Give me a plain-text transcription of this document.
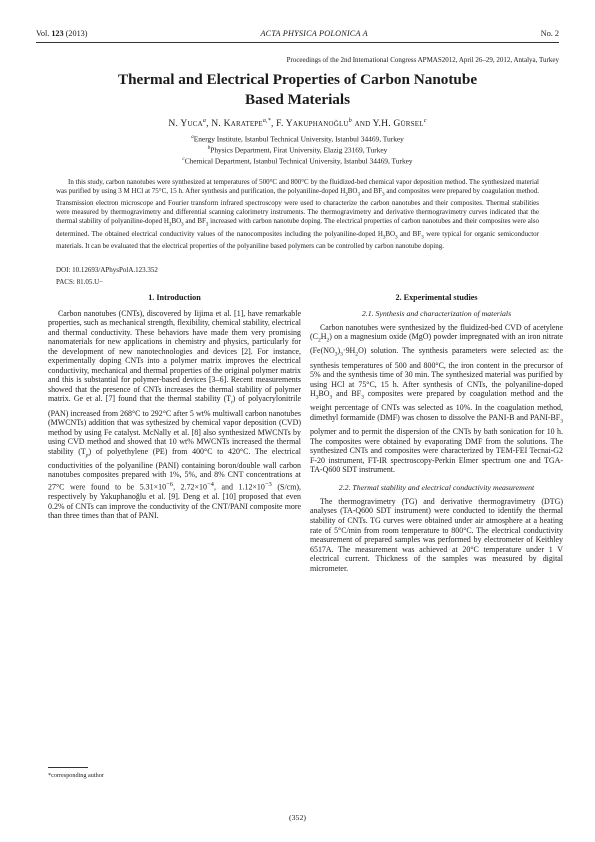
Vol. 123 (2013)	ACTA PHYSICA POLONICA A	No. 2
Proceedings of the 2nd International Congress APMAS2012, April 26–29, 2012, Antalya, Turkey
Thermal and Electrical Properties of Carbon Nanotube
Based Materials
N. Yuca$^a$, N. Karatepe$^{a,*}$, F. Yakuphanoğlu$^b$ and Y.H. Gürsel$^c$
$^a$Energy Institute, Istanbul Technical University, Istanbul 34469, Turkey
$^b$Physics Department, Firat University, Elazig 23169, Turkey
$^c$Chemical Department, Istanbul Technical University, Istanbul 34469, Turkey

In this study, carbon nanotubes were synthesized at temperatures of 500°C and 800°C by the fluidized-bed chemical vapor deposition method. The synthesized material was purified by using 3 M HCl at 75°C, 15 h. After synthesis and purification, the polyaniline-doped $H_3BO_3$ and $BF_3$ and composites were prepared by coagulation method. Transmission electron microscope and Fourier transform infrared spectroscopy were used to characterize the carbon nanotubes and their composites. Thermal stabilities were measured by thermogravimetry and differential scanning calorimetry instruments. The thermogravimetry and derivative thermogravimetry curves indicated that the thermal stability of polyaniline-doped $H_3BO_3$ and $BF_3$ increased with carbon nanotube doping. The electrical properties of carbon nanotubes and their composites were also determined. The obtained electrical conductivity values of the nanocomposites including the polyaniline-doped $H_3BO_3$ and $BF_3$ were typical for organic semiconductor materials. It can be evaluated that the electrical properties of the polyaniline based polymers can be controlled by carbon nanotube doping.

DOI: 10.12693/APhysPolA.123.352
PACS: 81.05.U−
1. Introduction

Carbon nanotubes (CNTs), discovered by Iijima et al. [1], have remarkable properties, such as mechanical strength, flexibility, chemical stability, electrical and thermal conductivity. These behaviors have made them very promising nanomaterials for new applications in chemistry and physics, particularly for the development of new nanotechnologies and devices [2]. For instance, experimentally doping CNTs into a polymer matrix improves the electrical conductivity, mechanical and thermal properties of the original polymer matrix and this is substantial for polymer-based devices [3–6]. Recent measurements showed that the presence of CNTs increases the thermal stability of polymer matrix. Ge et al. [7] found that the thermal stability $(T_t)$ of polyacrylonitrile (PAN) increased from 268°C to 292°C after 5 wt% multiwall carbon nanotubes (MWCNTs) addition that was sythesized by chemical vapor deposition (CVD) method by using Fe catalyst. McNally et al. [8] also synthesized MWCNTs by using CVD method and showed that 10 wt% MWCNTs increased the thermal stability $(T_p)$ of polyethylene (PE) from 400°C to 420°C. The electrical conductivities of the polyaniline (PANI) containing boron/double wall carbon nanotubes composites prepared with 1%, 5%, and 8% CNT concentrations at 27°C were found to be $5.31\times 10^{-6}$, $2.72\times 10^{-4}$, and $1.12\times 10^{-3}$ (S/cm), respectively by Yakuphanoğlu et al. [9]. Deng et al. [10] proposed that even 0.2% of CNTs can improve the conductivity of the CNT/PANI composite more than three times than that of PANI.

2. Experimental studies
2.1. Synthesis and characterization of materials

Carbon nanotubes were synthesized by the fluidized-bed CVD of acetylene $(C_2H_2)$ on a magnesium oxide (MgO) powder impregnated with an iron nitrate $(Fe(NO_3)_3\cdot 9H_2O)$ solution. The synthesis parameters were selected as: the synthesis temperatures of 500 and 800°C, the iron content in the precursor of 5% and the synthesis time of 30 min. The synthesized material was purified by using HCl at 75°C, 15 h. After synthesis of CNTs, the polyaniline-doped $H_3BO_3$ and $BF_3$ composites were prepared by coagulation method and the weight percentage of CNTs was selected as 10%. In the coagulation method, dimethyl formamide (DMF) was chosen to dissolve the PANI-B and PANI-$BF_3$ polymer and to permit the dispersion of the CNTs by bath sonication for 10 h. The composites were obtained by evaporating DMF from the solutions. The synthesized CNTs and composites were characterized by TEM-FEI Tecnai-G2 F-20 instrument, FT-IR spectroscopy-Perkin Elmer spectrum one and TGA-TA-Q600 SDT instrument.

2.2. Thermal stability and electrical conductivity measurement

The thermogravimetry (TG) and derivative thermogravimetry (DTG) analyses (TA-Q600 SDT instrument) were conducted to identify the thermal stability of CNTs. TG curves were obtained under air atmosphere at a heating rate of 5°C/min from room temperature to 800°C. The electrical conductivity measurement of prepared samples was performed by electrometer of Keithley 6517A. The measurement was achieved at 20°C temperature under 1 V electrical current. Thickness of the samples was measured by digital micrometer.

*corresponding author
(352)
